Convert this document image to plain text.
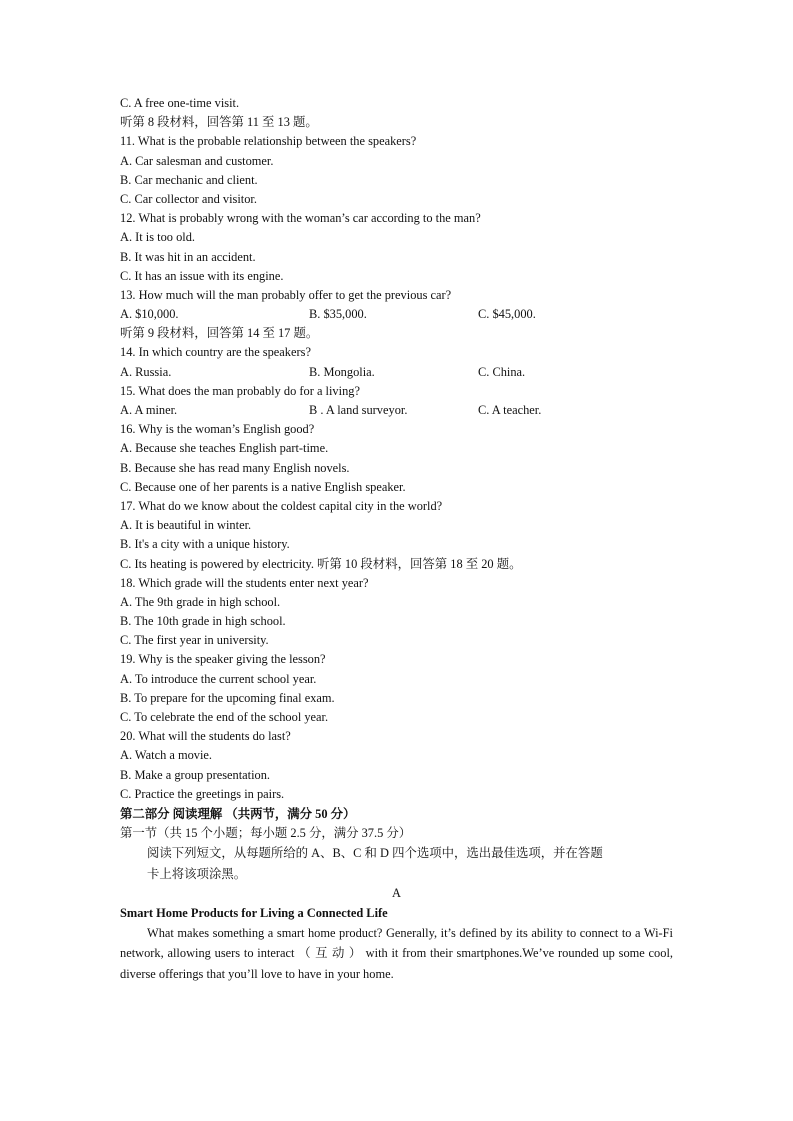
C. A free one-time visit.
听第 8 段材料，回答第 11 至 13 题。
11. What is the probable relationship between the speakers?
A. Car salesman and customer.
B. Car mechanic and client.
C. Car collector and visitor.
12. What is probably wrong with the woman’s car according to the man?
A. It is too old.
B. It was hit in an accident.
C. It has an issue with its engine.
13. How much will the man probably offer to get the previous car?
A. $10,000.	B. $35,000.	C. $45,000.
听第 9 段材料，回答第 14 至 17 题。
14. In which country are the speakers?
A. Russia.	B. Mongolia.	C. China.
15. What does the man probably do for a living?
A. A miner.	B . A land surveyor.	C. A teacher.
16. Why is the woman’s English good?
A. Because she teaches English part-time.
B. Because she has read many English novels.
C. Because one of her parents is a native English speaker.
17. What do we know about the coldest capital city in the world?
A. It is beautiful in winter.
B. It's a city with a unique history.
C. Its heating is powered by electricity. 听第 10 段材料，回答第 18 至 20 题。
18. Which grade will the students enter next year?
A. The 9th grade in high school.
B. The 10th grade in high school.
C. The first year in university.
19. Why is the speaker giving the lesson?
A. To introduce the current school year.
B. To prepare for the upcoming final exam.
C. To celebrate the end of the school year.
20. What will the students do last?
A. Watch a movie.
B. Make a group presentation.
C. Practice the greetings in pairs.
第二部分 阅读理解 （共两节，满分 50 分）
第一节（共 15 个小题；每小题 2.5 分，满分 37.5 分）
阅读下列短文，从每题所给的 A、B、C 和 D 四个选项中，选出最佳选项，并在答题
卡上将该项涂黑。
A
Smart Home Products for Living a Connected Life
What makes something a smart home product? Generally, it’s defined by its ability to connect to a Wi-Fi network, allowing users to interact （ 互 动 ） with it from their smartphones.We’ve rounded up some cool, diverse offerings that you’ll love to have in your home.
